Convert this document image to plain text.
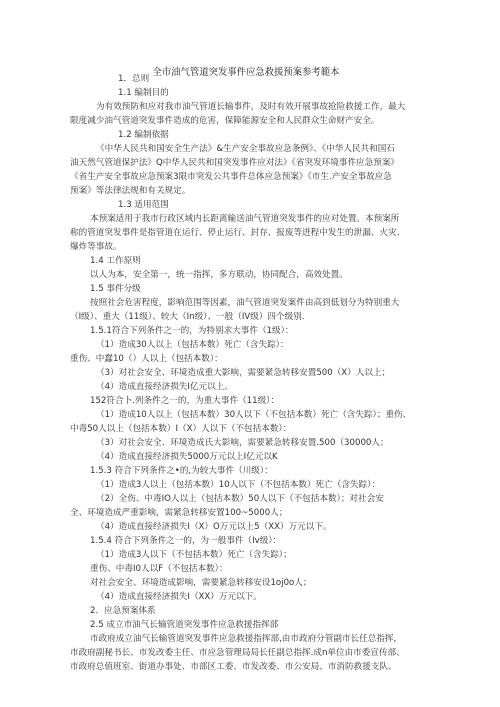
全市油气管道突发事件应急救援预案参考範本
1．总则
1.1 编制目的
为有效预防和应对我市油气管道长输事件，及时有效开展事故抢险救援工作，最大
限度减少油气管道突发事件造成的危害，保障能源安全和人民群众生命财产安全。
1.2 编制依据
《中华人民共和国安全生产法》&生产安全事故应急条例》、《中华人民共和国石
油天然气管道保护法》Q中华人民共和国突发事件应对法》《省突发环境事件应急预案》
《省生产安全事故应急预案3限市突发公共事件总体应急预案》《市生.产安全事故应急
预案》等法律法规和有关规定。
1.3 适用范围
本预案适用于我市行政区域内长距离输送油气管道突发事件的应对处置。本预案所
称的管道突发事件是指管道在运行、停止运行、封存、报废等进程中发生的泄漏、火灾、
爆炸等事故。
1.4 工作原则
以人为本，安全第一，统一指挥，多方联动，协同配合，高效处置。
1.5 事件分级
按照社会危害程度，影响范围等因素，油气管道突发案件由高到低划分为特别重大
（I级）、重大（11级）、较大（In级）、一般（IV级）四个级别.
1.5.1符合下列条件之一的，为特别求大事件（1级）：
（1）造成30人以上（包括本数）死亡（含失踪）：
重伤、中蠢10（）人以上（包括本数）：
（3）对社会安全、环境造成重大影响，需要紧急转移安置500（X）人以上；
（4）造成直接经济损失I亿元以上。
152符合卜.列条件之一的，为重大事件（11级）：
（1）造成10人以上（包括本数）30人以下（不包括本数）死亡（含失踪）；重伤、
中毒50人以上（包括本数）I（X）人以下（不包括本数）：
（3）对社会安全、环境造成氏大影响，需要紧急转移安置.500（30000人；
（4）造成直接经济损失5000万元以上I亿元以K
1.5.3 符合下列条件之•的,为较大事件（川级）：
（1）造成3人以上（包括本数）10人以下（不包括本数）死亡（含失踪）：
（2）全伤、中毒IO人以上（包括本数）50人以下（不包括本数）；对社会安
全、环境造成严重影响，需紧急转移安置100~5000人；
（4）造成直接经济损失I（X）O万元以上5（XX）万元以下。
1.5.4 符合下列条件之一的，为一般事件（Iv级）：
（1）造成3人以下（不包括本数）死亡（含失踪）；
重伤、中毒I0人以F（不包括本数）：
对社会安全、环境造成影响，需要紧急转移安设1oj0o人；
（4）造成直接经济损失I（XX）万元以下。
2．应急预案体系
2.5 成立市油气长输管道突发事件应急救援指挥部
市政府成立油气长输管道突发事件应急救援指挥部,由市政府分管副市长任总指挥,
市政府副秘书长、市发改委主任、市应急管理局局长任副总指挥.成n单位由市委宣传部、
市政府总值班室、街道办事处、市部区工委、市发改委、市公安局、市消防救援支队、
